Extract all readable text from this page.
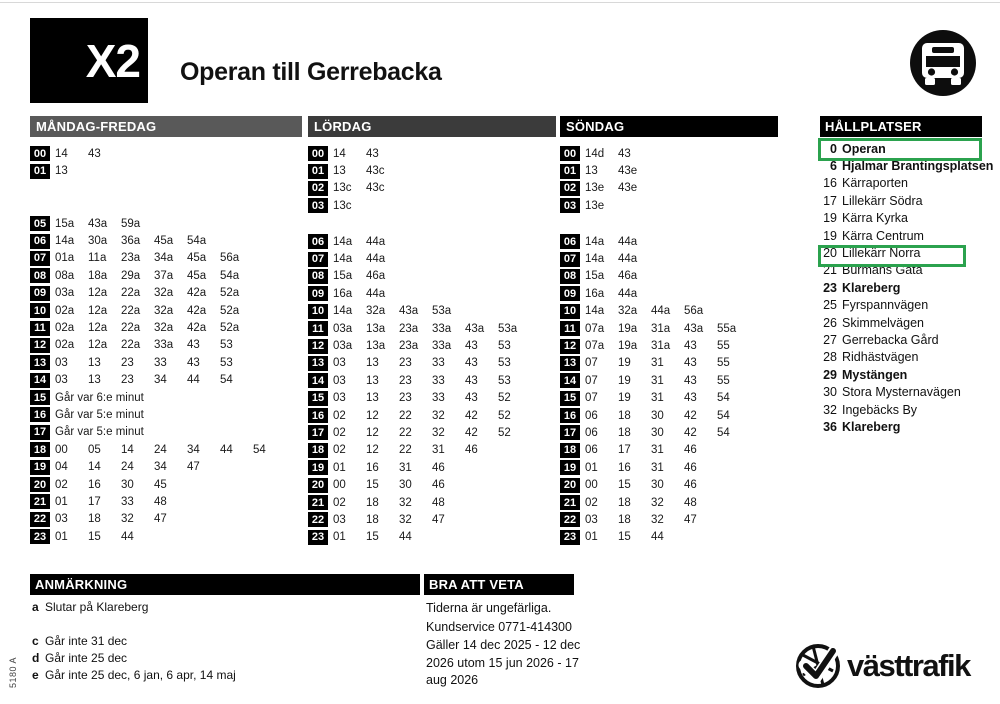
X2 Operan till Gerrebacka
MÅNDAG-FREDAG
00 14	43
01 13
05 15a	43a	59a
06 14a	30a	36a	45a	54a
07 01a	11a	23a	34a	45a	56a
08 08a	18a	29a	37a	45a	54a
09 03a	12a	22a	32a	42a	52a
10 02a	12a	22a	32a	42a	52a
11 02a	12a	22a	32a	42a	52a
12 02a	12a	22a	33a	43	53
13 03	13	23	33	43	53
14 03	13	23	34	44	54
15 Går var 6:e minut
16 Går var 5:e minut
17 Går var 5:e minut
18 00	05	14	24	34	44	54
19 04	14	24	34	47
20 02	16	30	45
21 01	17	33	48
22 03	18	32	47
23 01	15	44
LÖRDAG
00 14	43
01 13	43c
02 13c	43c
03 13c
06 14a	44a
07 14a	44a
08 15a	46a
09 16a	44a
10 14a	32a	43a	53a
11 03a	13a	23a	33a	43a	53a
12 03a	13a	23a	33a	43	53
13 03	13	23	33	43	53
14 03	13	23	33	43	53
15 03	13	23	33	43	52
16 02	12	22	32	42	52
17 02	12	22	32	42	52
18 02	12	22	31	46
19 01	16	31	46
20 00	15	30	46
21 02	18	32	48
22 03	18	32	47
23 01	15	44
SÖNDAG
00 14d	43
01 13	43e
02 13e	43e
03 13e
06 14a	44a
07 14a	44a
08 15a	46a
09 16a	44a
10 14a	32a	44a	56a
11 07a	19a	31a	43a	55a
12 07a	19a	31a	43	55
13 07	19	31	43	55
14 07	19	31	43	55
15 07	19	31	43	54
16 06	18	30	42	54
17 06	18	30	42	54
18 06	17	31	46
19 01	16	31	46
20 00	15	30	46
21 02	18	32	48
22 03	18	32	47
23 01	15	44
HÅLLPLATSER
0 Operan
6 Hjalmar Brantingsplatsen
16 Kärraporten
17 Lillekärr Södra
19 Kärra Kyrka
19 Kärra Centrum
20 Lillekärr Norra
21 Burmans Gata
23 Klareberg
25 Fyrspannvägen
26 Skimmelvägen
27 Gerrebacka Gård
28 Ridhästvägen
29 Mystängen
30 Stora Mysternavägen
32 Ingebäcks By
36 Klareberg
ANMÄRKNING
a Slutar på Klareberg
c Går inte 31 dec
d Går inte 25 dec
e Går inte 25 dec, 6 jan, 6 apr, 14 maj
BRA ATT VETA
Tiderna är ungefärliga.
Kundservice 0771-414300
Gäller 14 dec 2025 - 12 dec 2026 utom 15 jun 2026 - 17 aug 2026	västtrafik
5180 A
